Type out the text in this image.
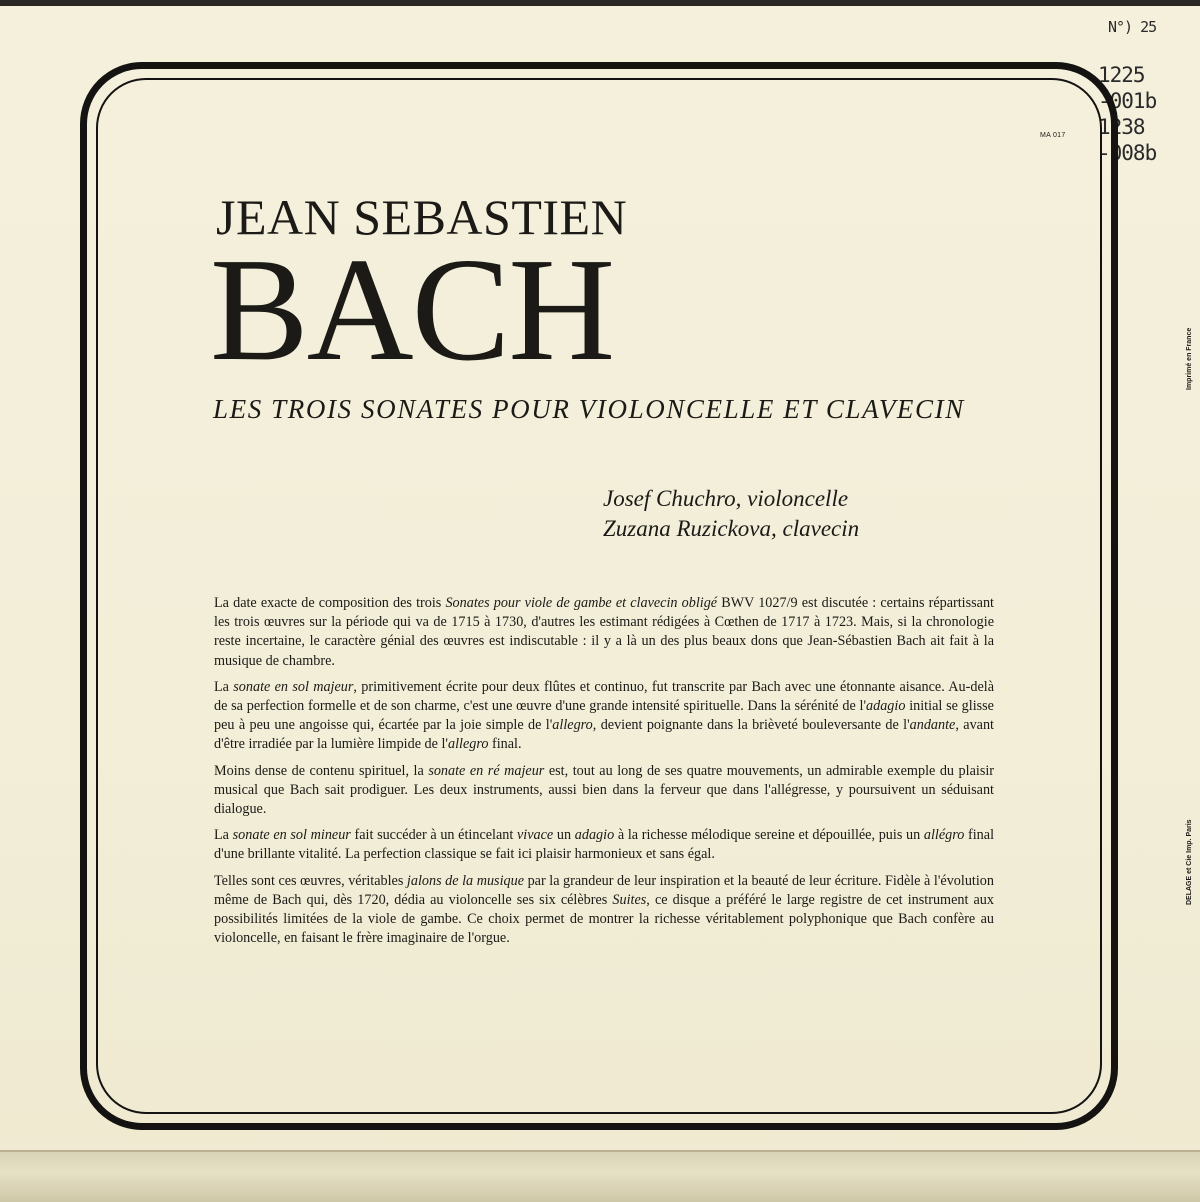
N°) 25
1225
-001b
1238
-008b
MA 017
JEAN SEBASTIEN
BACH
LES TROIS SONATES POUR VIOLONCELLE ET CLAVECIN
Josef Chuchro, violoncelle
Zuzana Ruzickova, clavecin

La date exacte de composition des trois Sonates pour viole de gambe et clavecin obligé BWV 1027/9 est discutée : certains répartissant les trois œuvres sur la période qui va de 1715 à 1730, d'autres les estimant rédigées à Cœthen de 1717 à 1723. Mais, si la chronologie reste incertaine, le caractère génial des œuvres est indiscutable : il y a là un des plus beaux dons que Jean-Sébastien Bach ait fait à la musique de chambre.

La sonate en sol majeur, primitivement écrite pour deux flûtes et continuo, fut transcrite par Bach avec une étonnante aisance. Au-delà de sa perfection formelle et de son charme, c'est une œuvre d'une grande intensité spirituelle. Dans la sérénité de l'adagio initial se glisse peu à peu une angoisse qui, écartée par la joie simple de l'allegro, devient poignante dans la brièveté bouleversante de l'andante, avant d'être irradiée par la lumière limpide de l'allegro final.

Moins dense de contenu spirituel, la sonate en ré majeur est, tout au long de ses quatre mouvements, un admirable exemple du plaisir musical que Bach sait prodiguer. Les deux instruments, aussi bien dans la ferveur que dans l'allégresse, y poursuivent un séduisant dialogue.

La sonate en sol mineur fait succéder à un étincelant vivace un adagio à la richesse mélodique sereine et dépouillée, puis un allégro final d'une brillante vitalité. La perfection classique se fait ici plaisir harmonieux et sans égal.

Telles sont ces œuvres, véritables jalons de la musique par la grandeur de leur inspiration et la beauté de leur écriture. Fidèle à l'évolution même de Bach qui, dès 1720, dédia au violoncelle ses six célèbres Suites, ce disque a préféré le large registre de cet instrument aux possibilités limitées de la viole de gambe. Ce choix permet de montrer la richesse véritablement polyphonique que Bach confère au violoncelle, en faisant le frère imaginaire de l'orgue.

Imprimé en France
DELAGE et Cie Imp. Paris
